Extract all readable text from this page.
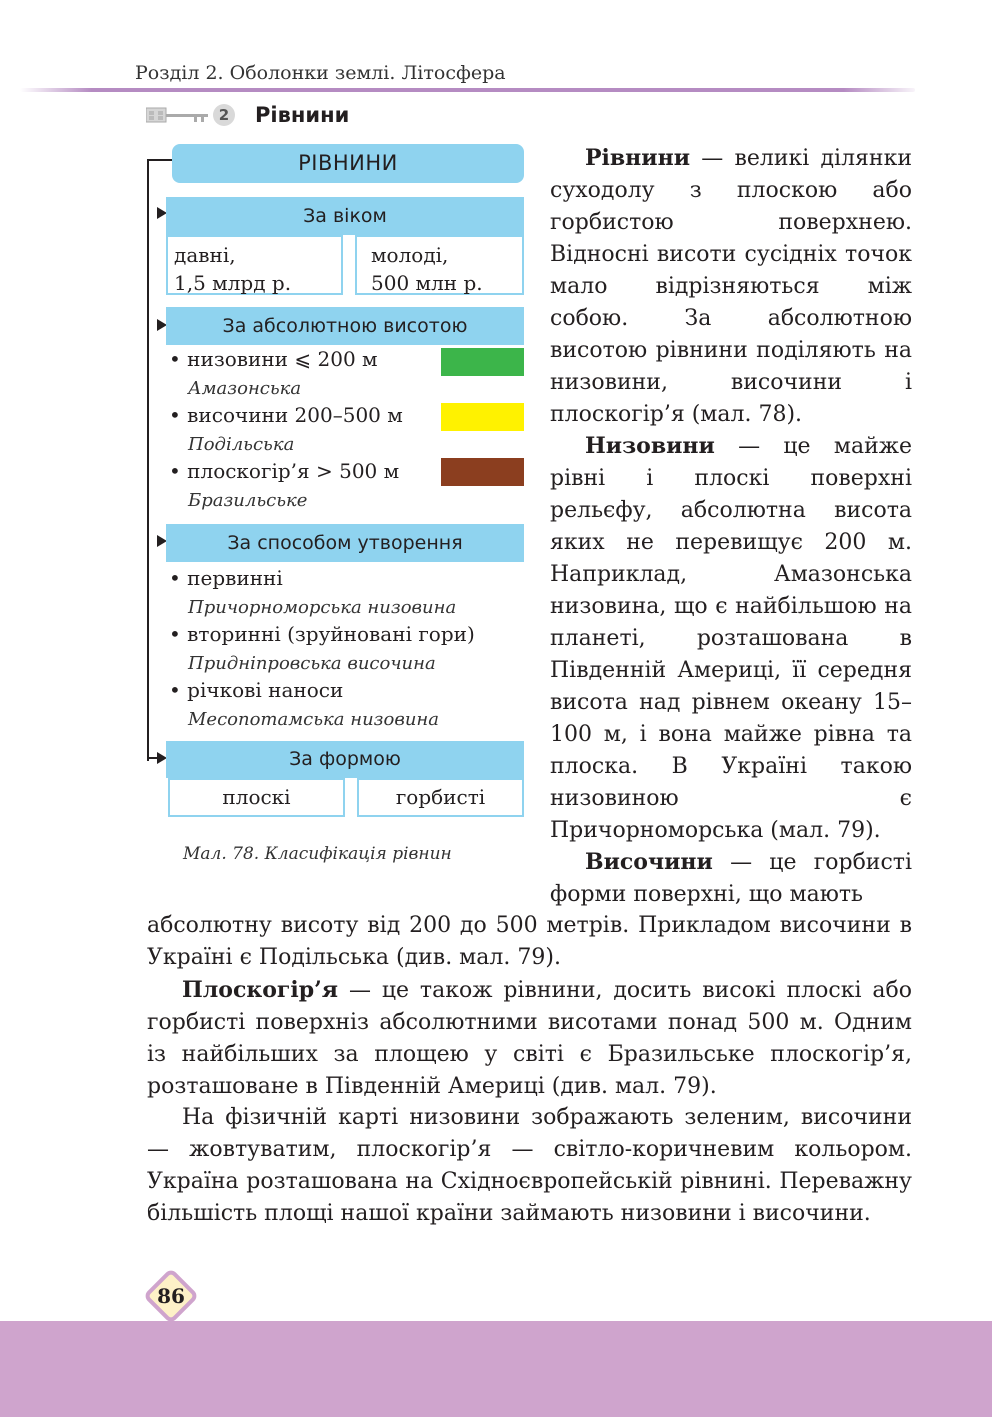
Розділ 2. Оболонки землі. Літосфера
2 Рівнини
РІВНИНИ
За віком
давні,
1,5 млрд р.
молоді,
500 млн р.
За абсолютною висотою
• низовини ⩽ 200 м
Амазонська
• височини 200–500 м
Подільська
• плоскогір’я > 500 м
Бразильське
За способом утворення
• первинні
Причорноморська низовина
• вторинні (зруйновані гори)
Придніпровська височина
• річкові наноси
Месопотамська низовина
За формою
плоскі	горбисті
Мал. 78. Класифікація рівнин
Рівнини — великі ділянки суходолу з плоскою або горбистою поверхнею. Відносні висоти сусідніх точок мало відрізняються між собою. За абсолютною висотою рівнини поділяють на низовини, височини і плоскогір’я (мал. 78).
Низовини — це майже рівні і плоскі поверхні рельєфу, абсолютна висота яких не перевищує 200 м. Наприклад, Амазонська низовина, що є найбільшою на планеті, розташована в Південній Америці, її середня висота над рівнем океану 15–100 м, і вона майже рівна та плоска. В Україні такою низовиною є Причорноморська (мал. 79).
Височини — це горбисті форми поверхні, що мають
абсолютну висоту від 200 до 500 метрів. Прикладом височини в Україні є Подільська (див. мал. 79).
Плоскогір’я — це також рівнини, досить високі плоскі або горбисті поверхніз абсолютними висотами понад 500 м. Одним із найбільших за площею у світі є Бразильське плоскогір’я, розташоване в Південній Америці (див. мал. 79).
На фізичній карті низовини зображають зеленим, височини — жовтуватим, плоскогір’я — світло-коричневим кольором. Україна розташована на Східноєвропейській рівнині. Переважну більшість площі нашої країни займають низовини і височини.
86
